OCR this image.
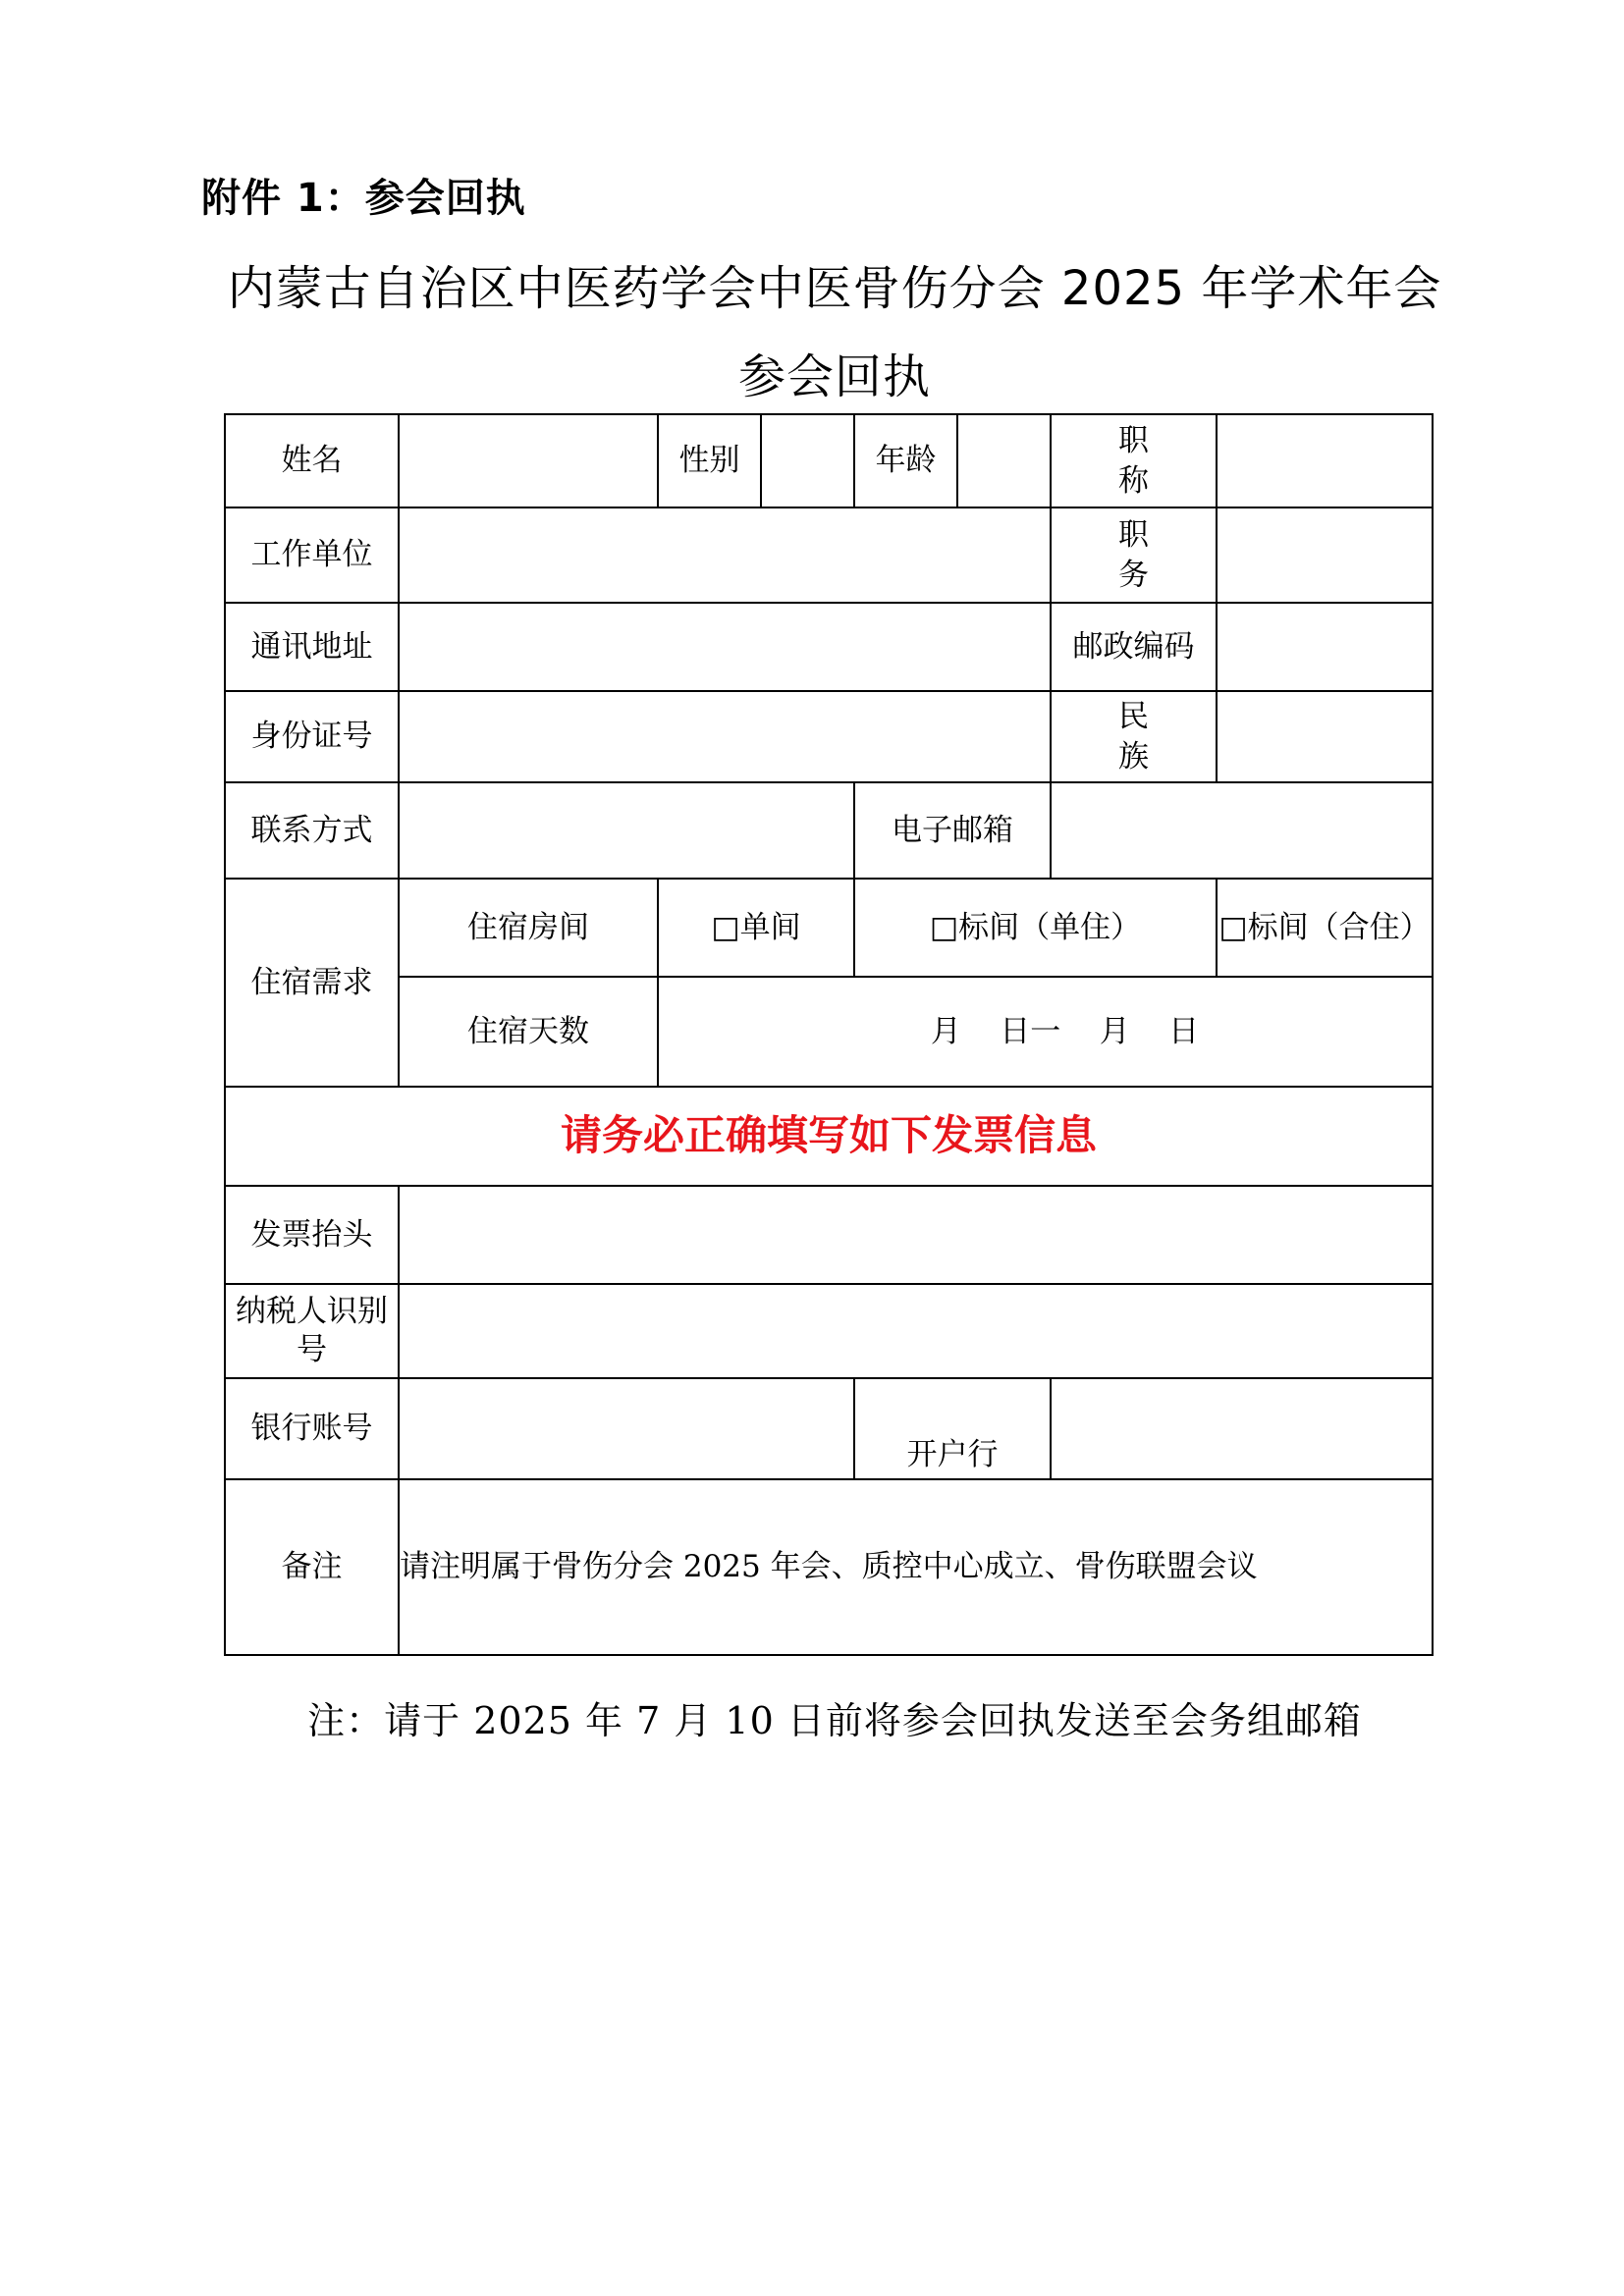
附件 1：参会回执
内蒙古自治区中医药学会中医骨伤分会 2025 年学术年会
参会回执
姓名		性别		年龄		职 称	
工作单位						职 务	
通讯地址						邮政编码	
身份证号						民 族	
联系方式				电子邮箱			
住宿需求	住宿房间	□单间		□标间（单住）			□标间（合住）
	住宿天数	月    日一    月    日					
请务必正确填写如下发票信息							
发票抬头							
纳税人识别号							
银行账号				开户行			
备注	请注明属于骨伤分会 2025 年会、质控中心成立、骨伤联盟会议						
注：请于 2025 年 7 月 10 日前将参会回执发送至会务组邮箱
